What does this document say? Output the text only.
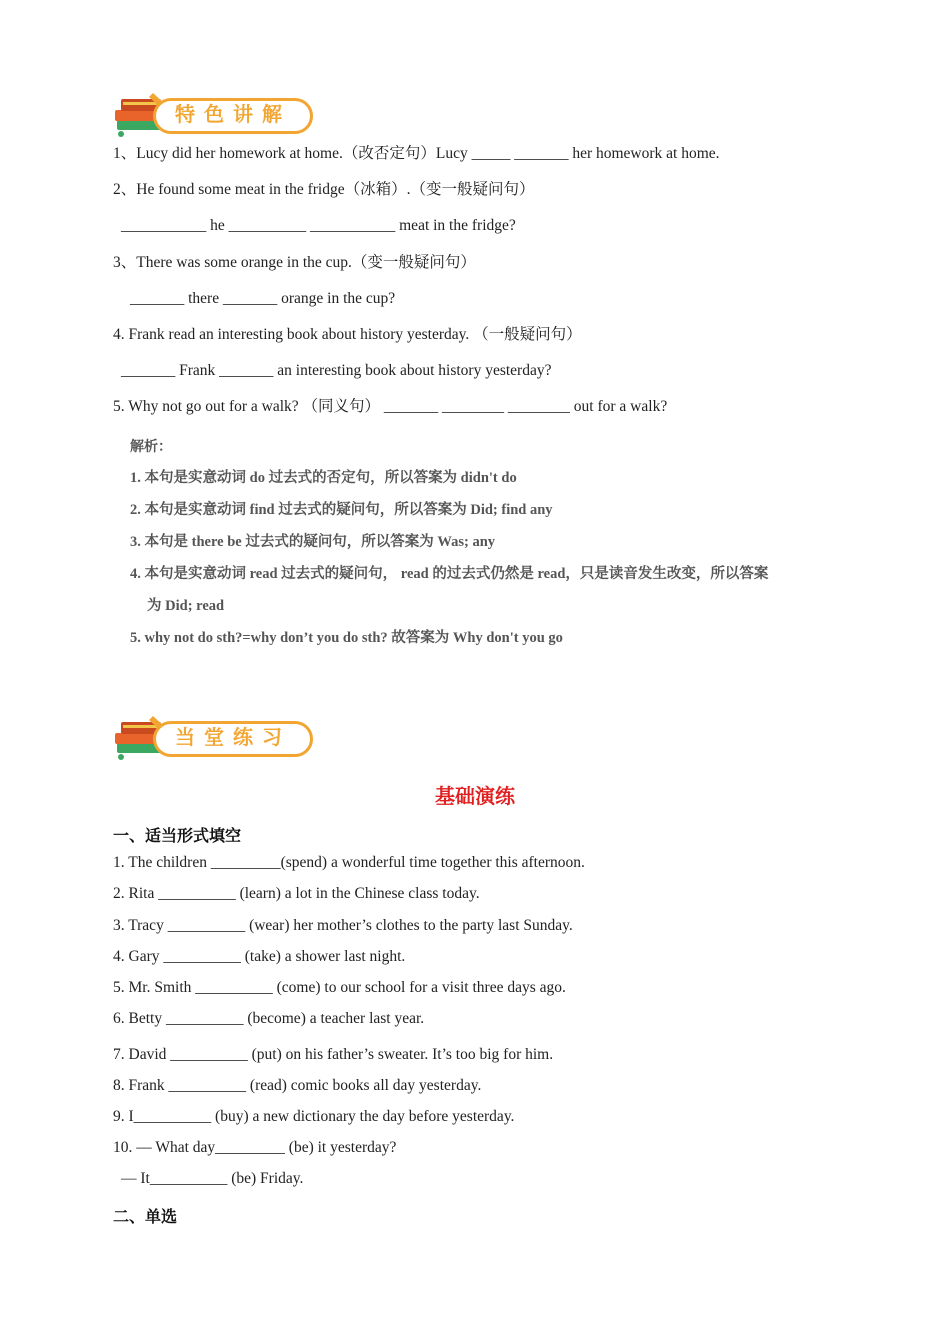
特色讲解
1、Lucy did her homework at home.（改否定句）Lucy _____ _______ her homework at home.
2、He found some meat in the fridge（冰箱）.（变一般疑问句）
___________ he __________ ___________ meat in the fridge?
3、There was some orange in the cup.（变一般疑问句）
_______ there _______ orange in the cup?
4. Frank read an interesting book about history yesterday. （一般疑问句）
_______ Frank _______ an interesting book about history yesterday?
5. Why not go out for a walk? （同义句） _______ ________ ________ out for a walk?
解析：
1. 本句是实意动词 do 过去式的否定句，所以答案为 didn't do
2. 本句是实意动词 find 过去式的疑问句，所以答案为 Did; find any
3. 本句是 there be 过去式的疑问句，所以答案为 Was; any
4. 本句是实意动词 read 过去式的疑问句， read 的过去式仍然是 read，只是读音发生改变，所以答案
为 Did; read
5. why not do sth?=why don’t you do sth? 故答案为 Why don't you go
当堂练习
基础演练
一、适当形式填空
1. The children _________(spend) a wonderful time together this afternoon.
2. Rita __________ (learn) a lot in the Chinese class today.
3. Tracy __________ (wear) her mother’s clothes to the party last Sunday.
4. Gary __________ (take) a shower last night.
5. Mr. Smith __________ (come) to our school for a visit three days ago.
6. Betty __________ (become) a teacher last year.
7. David __________ (put) on his father’s sweater. It’s too big for him.
8. Frank __________ (read) comic books all day yesterday.
9. I__________ (buy) a new dictionary the day before yesterday.
10. — What day_________ (be) it yesterday?
— It__________ (be) Friday.
二、单选
